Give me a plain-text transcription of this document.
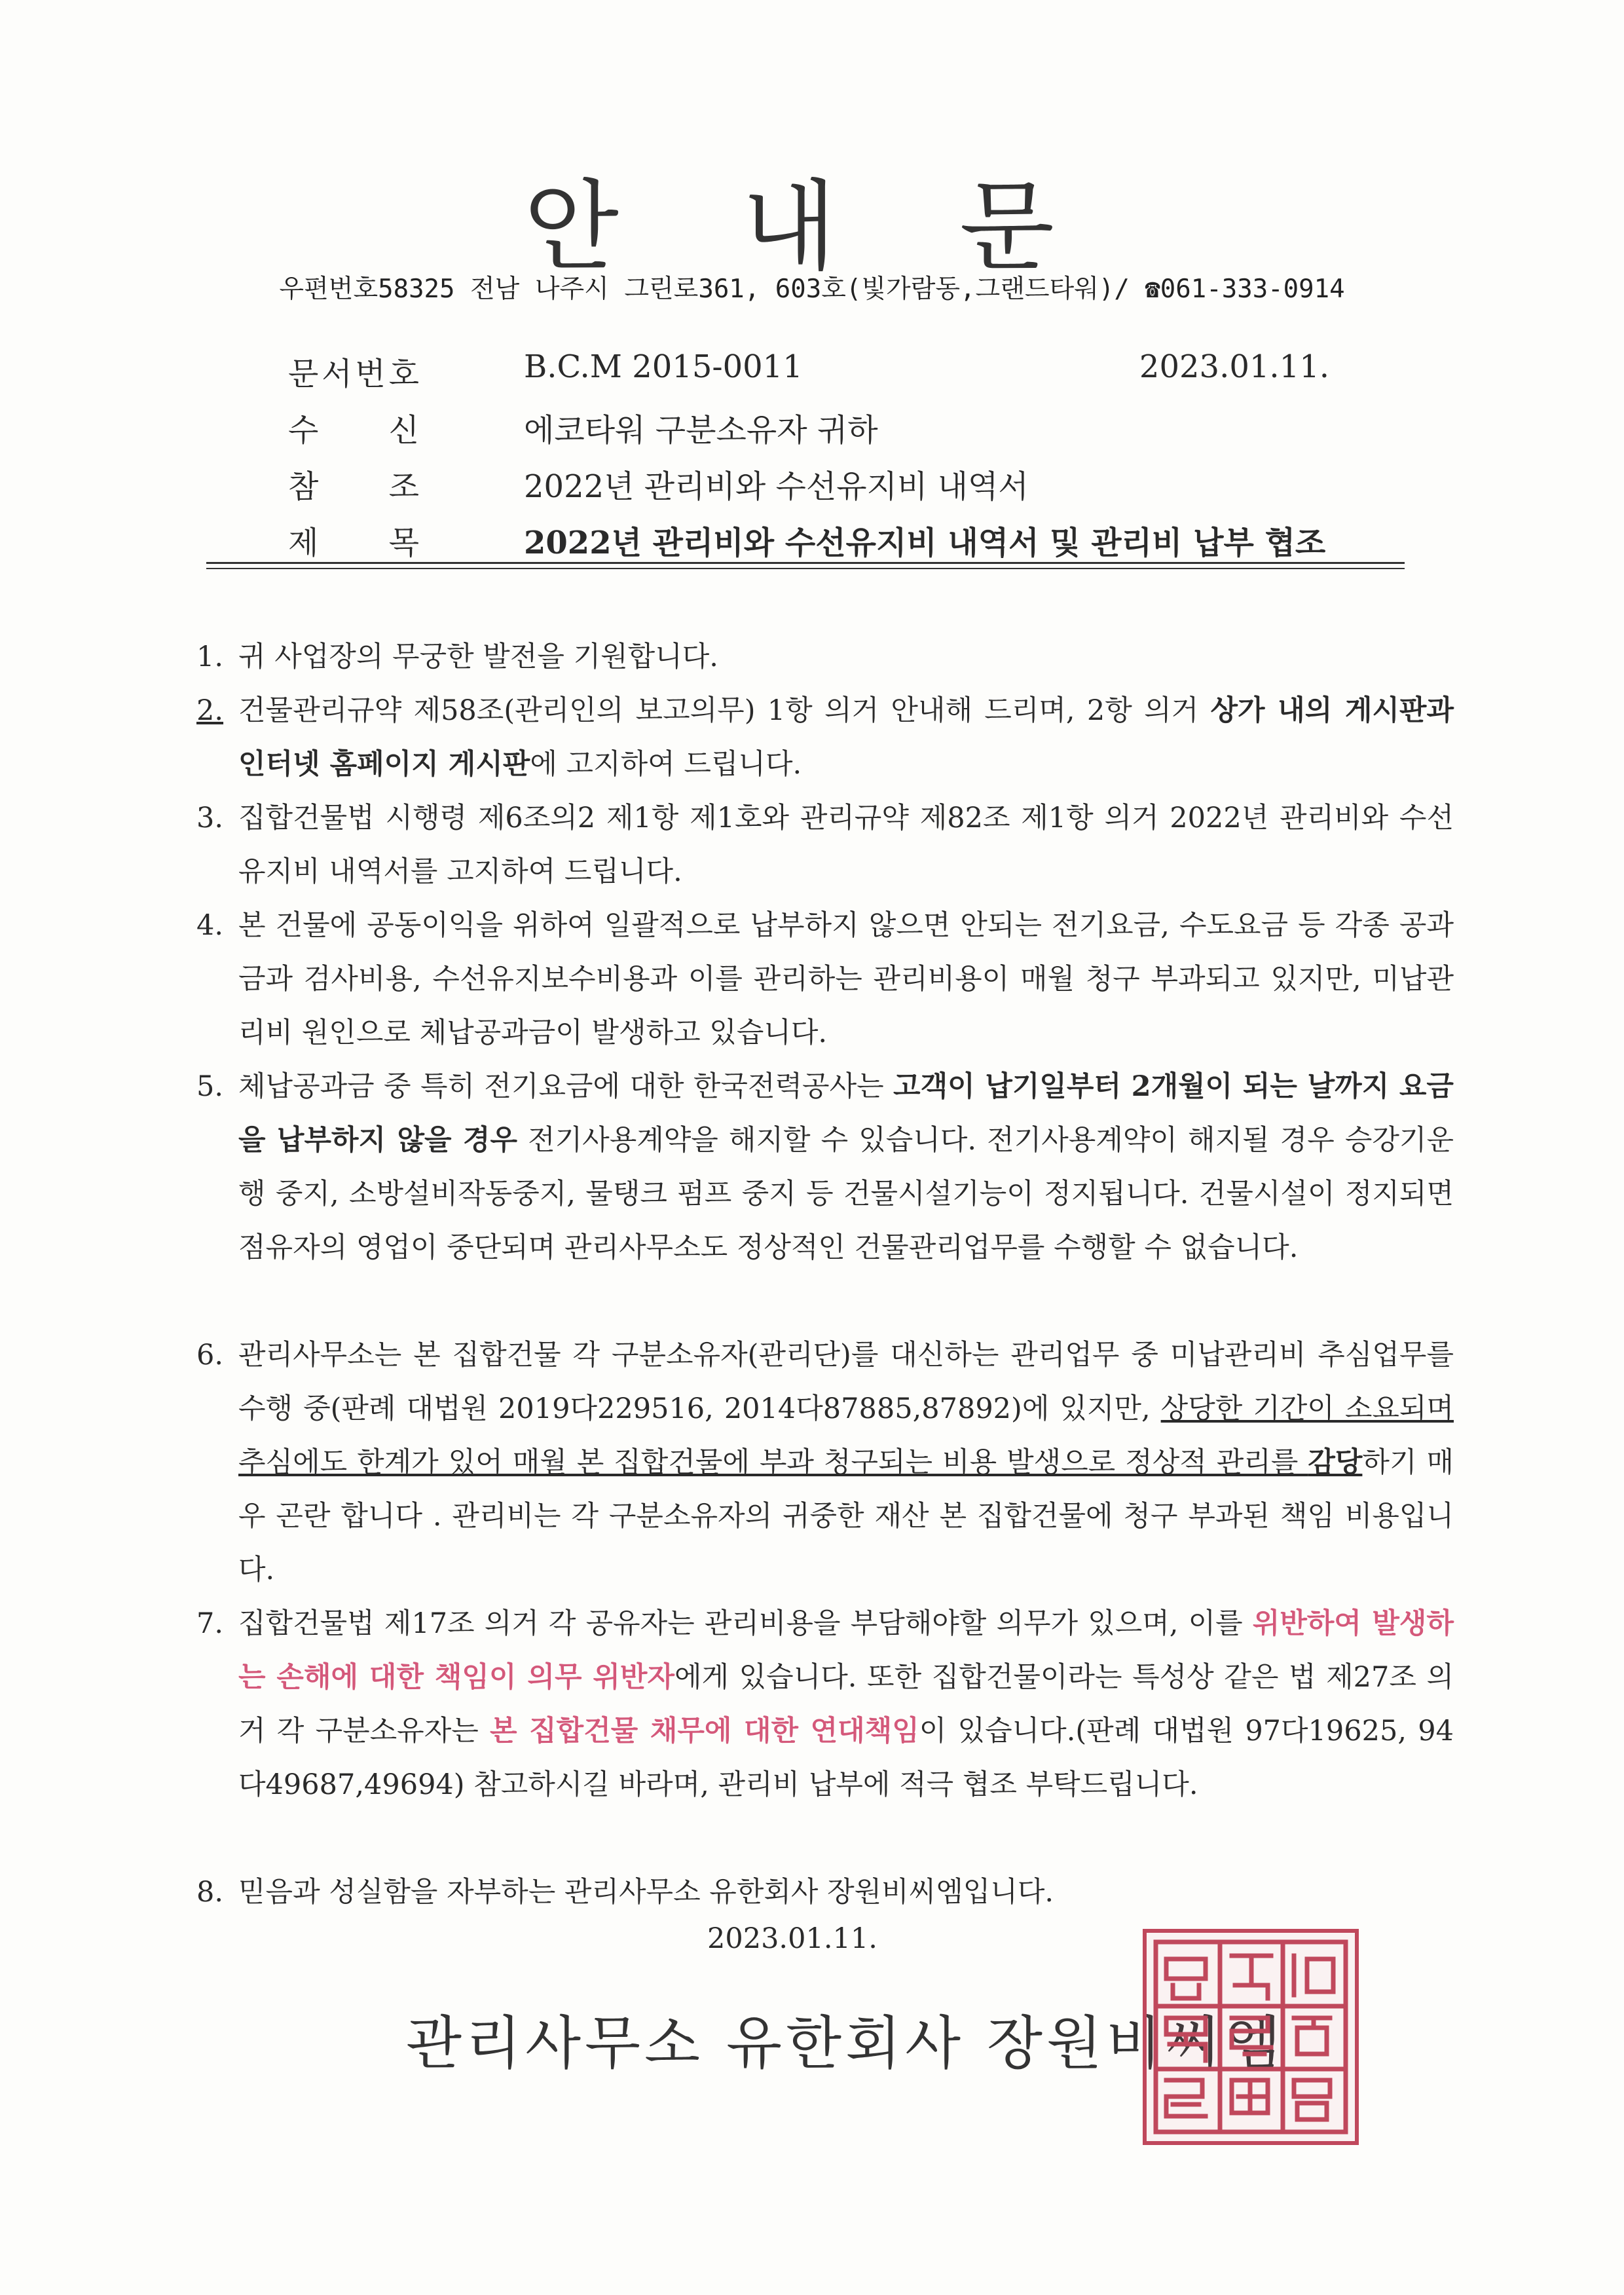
안 내 문
우편번호58325 전남 나주시 그린로361, 603호(빛가람동,그랜드타워)/ ☎061-333-0914
문 서 번 호	B.C.M 2015-0011	2023.01.11.
수 신	에코타워 구분소유자 귀하
참 조	2022년 관리비와 수선유지비 내역서
제 목	2022년 관리비와 수선유지비 내역서 및 관리비 납부 협조
1. 귀 사업장의 무궁한 발전을 기원합니다.
2. 건물관리규약 제58조(관리인의 보고의무) 1항 의거 안내해 드리며, 2항 의거 상가 내의 게시판과 인터넷 홈페이지 게시판에 고지하여 드립니다.
3. 집합건물법 시행령 제6조의2 제1항 제1호와 관리규약 제82조 제1항 의거 2022년 관리비와 수선유지비 내역서를 고지하여 드립니다.
4. 본 건물에 공동이익을 위하여 일괄적으로 납부하지 않으면 안되는 전기요금, 수도요금 등 각종 공과금과 검사비용, 수선유지보수비용과 이를 관리하는 관리비용이 매월 청구 부과되고 있지만, 미납관리비 원인으로 체납공과금이 발생하고 있습니다.
5. 체납공과금 중 특히 전기요금에 대한 한국전력공사는 고객이 납기일부터 2개월이 되는 날까지 요금을 납부하지 않을 경우 전기사용계약을 해지할 수 있습니다. 전기사용계약이 해지될 경우 승강기운행 중지, 소방설비작동중지, 물탱크 펌프 중지 등 건물시설기능이 정지됩니다. 건물시설이 정지되면 점유자의 영업이 중단되며 관리사무소도 정상적인 건물관리업무를 수행할 수 없습니다.
6. 관리사무소는 본 집합건물 각 구분소유자(관리단)를 대신하는 관리업무 중 미납관리비 추심업무를 수행 중(판례 대법원 2019다229516, 2014다87885,87892)에 있지만, 상당한 기간이 소요되며 추심에도 한계가 있어 매월 본 집합건물에 부과 청구되는 비용 발생으로 정상적 관리를 감당하기 매우 곤란 합니다 . 관리비는 각 구분소유자의 귀중한 재산 본 집합건물에 청구 부과된 책임 비용입니다.
7. 집합건물법 제17조 의거 각 공유자는 관리비용을 부담해야할 의무가 있으며, 이를 위반하여 발생하는 손해에 대한 책임이 의무 위반자에게 있습니다. 또한 집합건물이라는 특성상 같은 법 제27조 의거 각 구분소유자는 본 집합건물 채무에 대한 연대책임이 있습니다.(판례 대법원 97다19625, 94다49687,49694) 참고하시길 바라며, 관리비 납부에 적극 협조 부탁드립니다.
8. 믿음과 성실함을 자부하는 관리사무소 유한회사 장원비씨엠입니다.
2023.01.11.
관리사무소 유한회사 장원비씨엠
